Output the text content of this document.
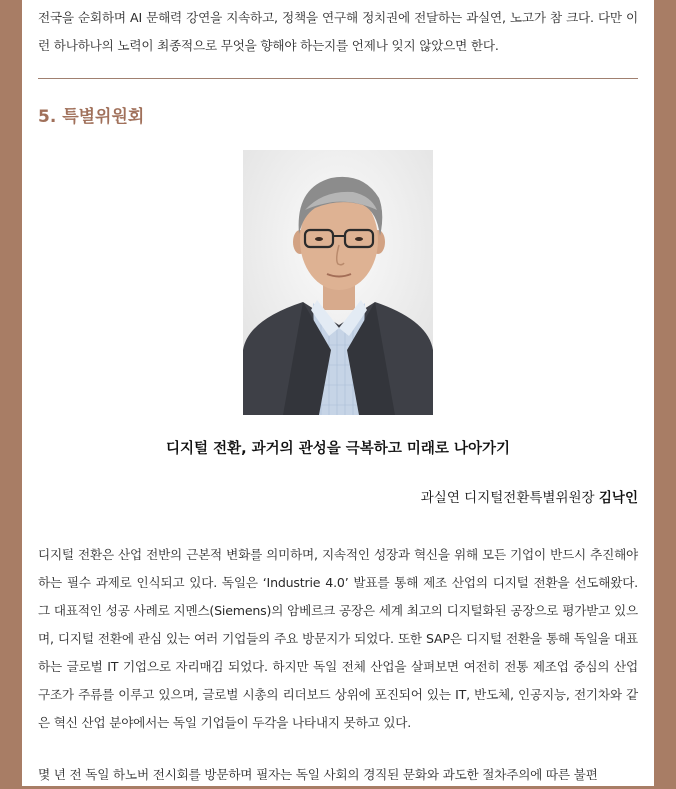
전국을 순회하며 AI 문해력 강연을 지속하고, 정책을 연구해 정치권에 전달하는 과실연, 노고가 참 크다. 다만 이런 하나하나의 노력이 최종적으로 무엇을 향해야 하는지를 언제나 잊지 않았으면 한다.

5. 특별위원회
디지털 전환, 과거의 관성을 극복하고 미래로 나아가기

과실연 디지털전환특별위원장 김낙인

디지털 전환은 산업 전반의 근본적 변화를 의미하며, 지속적인 성장과 혁신을 위해 모든 기업이 반드시 추진해야 하는 필수 과제로 인식되고 있다. 독일은 ‘Industrie 4.0’ 발표를 통해 제조 산업의 디지털 전환을 선도해왔다. 그 대표적인 성공 사례로 지멘스(Siemens)의 암베르크 공장은 세계 최고의 디지털화된 공장으로 평가받고 있으며, 디지털 전환에 관심 있는 여러 기업들의 주요 방문지가 되었다. 또한 SAP은 디지털 전환을 통해 독일을 대표하는 글로벌 IT 기업으로 자리매김 되었다. 하지만 독일 전체 산업을 살펴보면 여전히 전통 제조업 중심의 산업 구조가 주류를 이루고 있으며, 글로벌 시총의 리더보드 상위에 포진되어 있는 IT, 반도체, 인공지능, 전기차와 같은 혁신 산업 분야에서는 독일 기업들이 두각을 나타내지 못하고 있다.

몇 년 전 독일 하노버 전시회를 방문하며 필자는 독일 사회의 경직된 문화와 과도한 절차주의에 따른 불편
